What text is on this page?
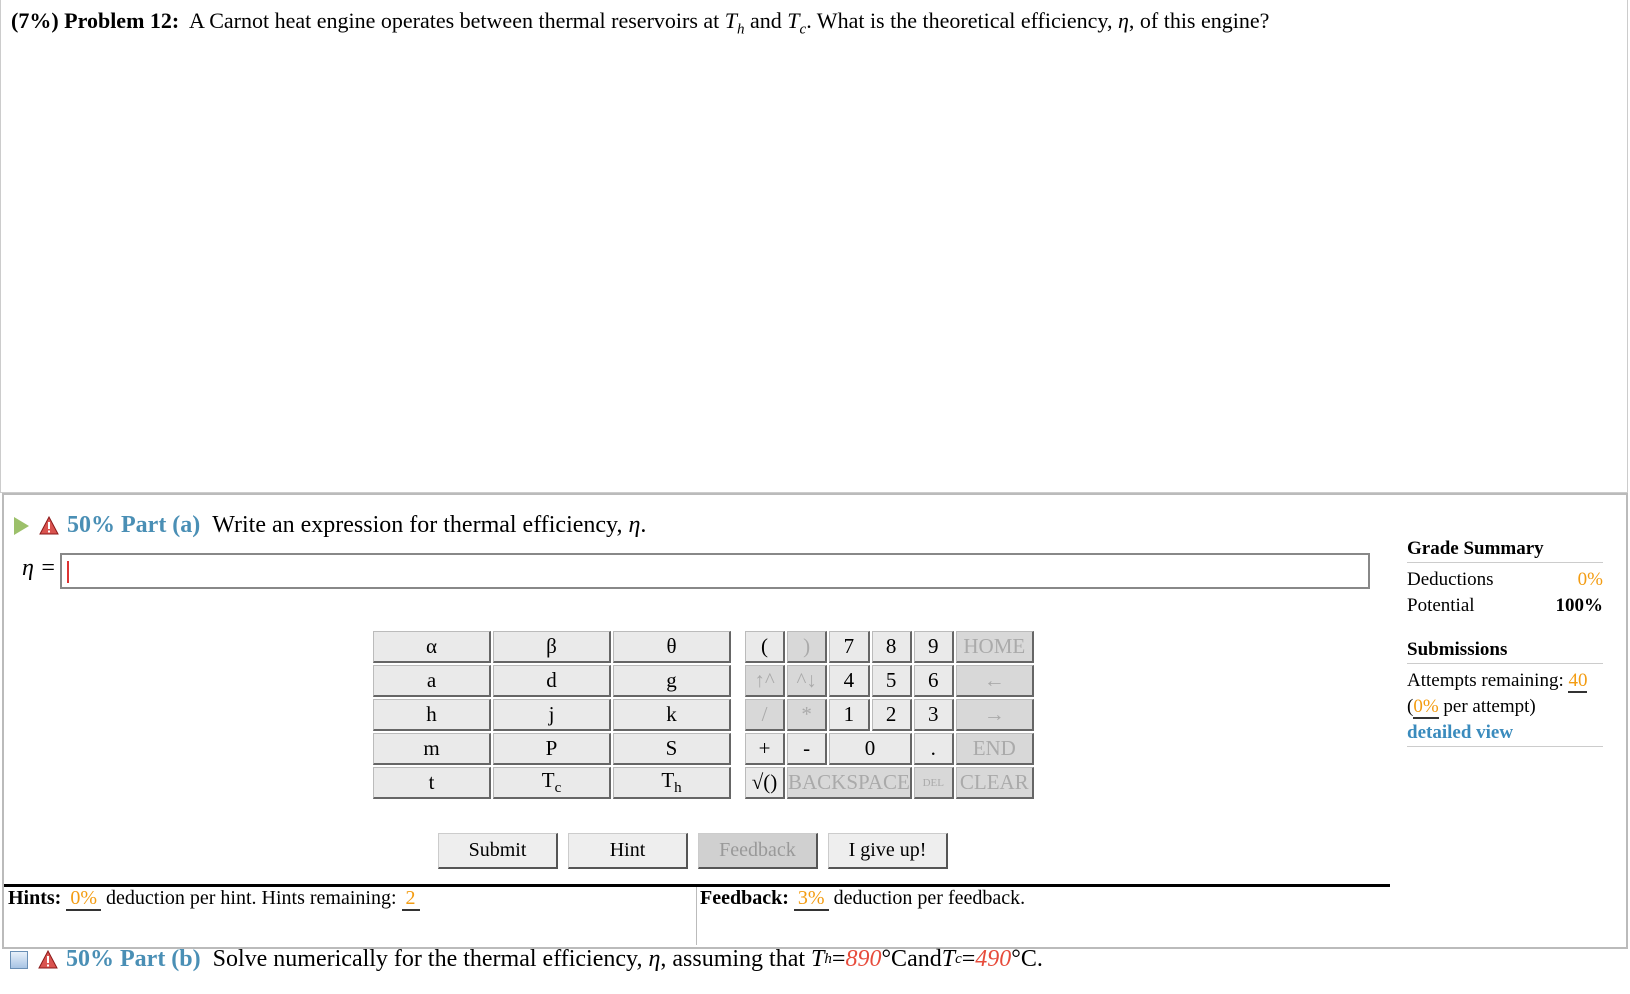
(7%) Problem 12: A Carnot heat engine operates between thermal reservoirs at $T_h$ and $T_c$. What is the theoretical efficiency, η, of this engine?
50% Part (a) Write an expression for thermal efficiency,
η .
η =
α	β	θ		(	)	7	8	9	HOME
a	d	g		↑^	^↓	4	5	6	←
h	j	k		/	*	1	2	3	→
m	P	S		+	-	0		.	END
t	$T_c$	$T_h$		√()	BACKSPACE			DEL	CLEAR
Submit	Hint	Feedback	I give up!
Grade Summary
Deductions	0%
Potential	100%
Submissions
Attempts remaining: 40
(0% per attempt)
detailed view
Hints: 0% deduction per hint. Hints remaining: 2	Feedback: 3% deduction per feedback.
50% Part (b) Solve numerically for the thermal efficiency,
η , assuming that
T h = 890 °C and T c = 490 °C .
